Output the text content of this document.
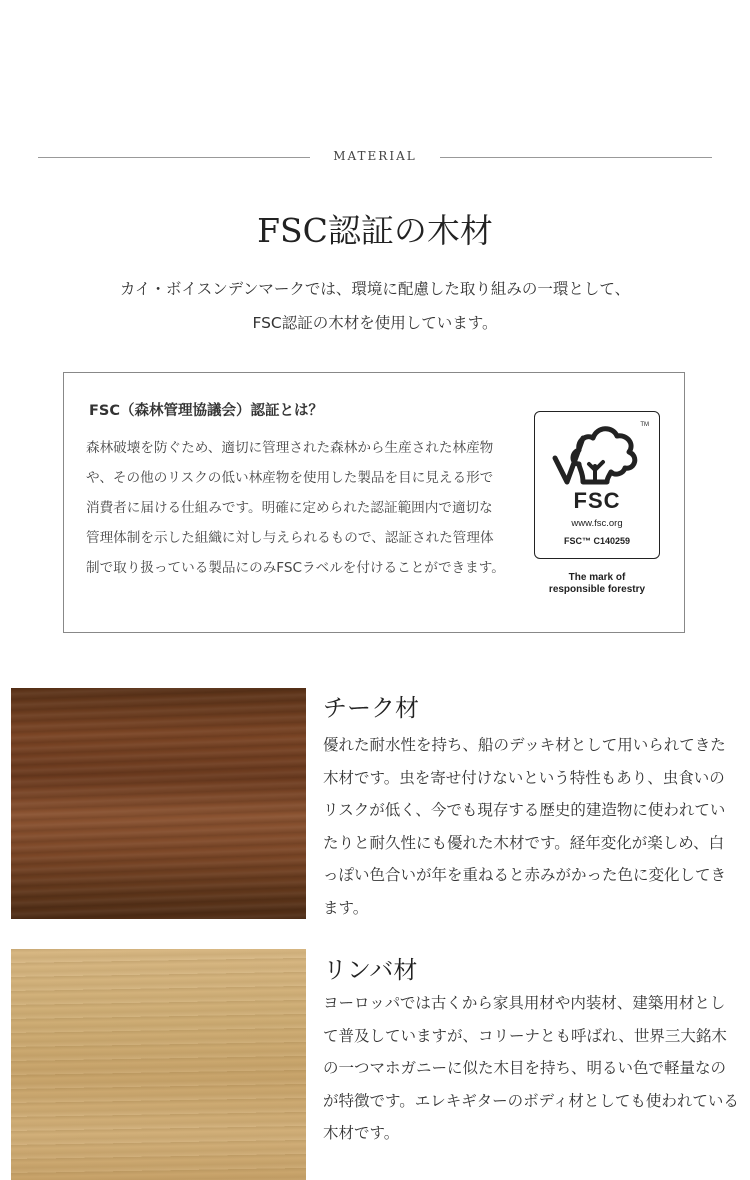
MATERIAL
FSC認証の木材

カイ・ボイスンデンマークでは、環境に配慮した取り組みの一環として、

FSC認証の木材を使用しています。

FSC（森林管理協議会）認証とは？

森林破壊を防ぐため、適切に管理された森林から生産された林産物や、その他のリスクの低い林産物を使用した製品を目に見える形で消費者に届ける仕組みです。明確に定められた認証範囲内で適切な管理体制を示した組織に対し与えられるもので、認証された管理体制で取り扱っている製品にのみFSCラベルを付けることができます。

TM
FSC
www.fsc.org
FSC™ C140259
The mark of
responsible forestry
チーク材

優れた耐水性を持ち、船のデッキ材として用いられてきた木材です。虫を寄せ付けないという特性もあり、虫食いのリスクが低く、今でも現存する歴史的建造物に使われていたりと耐久性にも優れた木材です。経年変化が楽しめ、白っぽい色合いが年を重ねると赤みがかった色に変化してきます。

リンバ材

ヨーロッパでは古くから家具用材や内装材、建築用材として普及していますが、コリーナとも呼ばれ、世界三大銘木の一つマホガニーに似た木目を持ち、明るい色で軽量なのが特徴です。エレキギターのボディ材としても使われている木材です。
